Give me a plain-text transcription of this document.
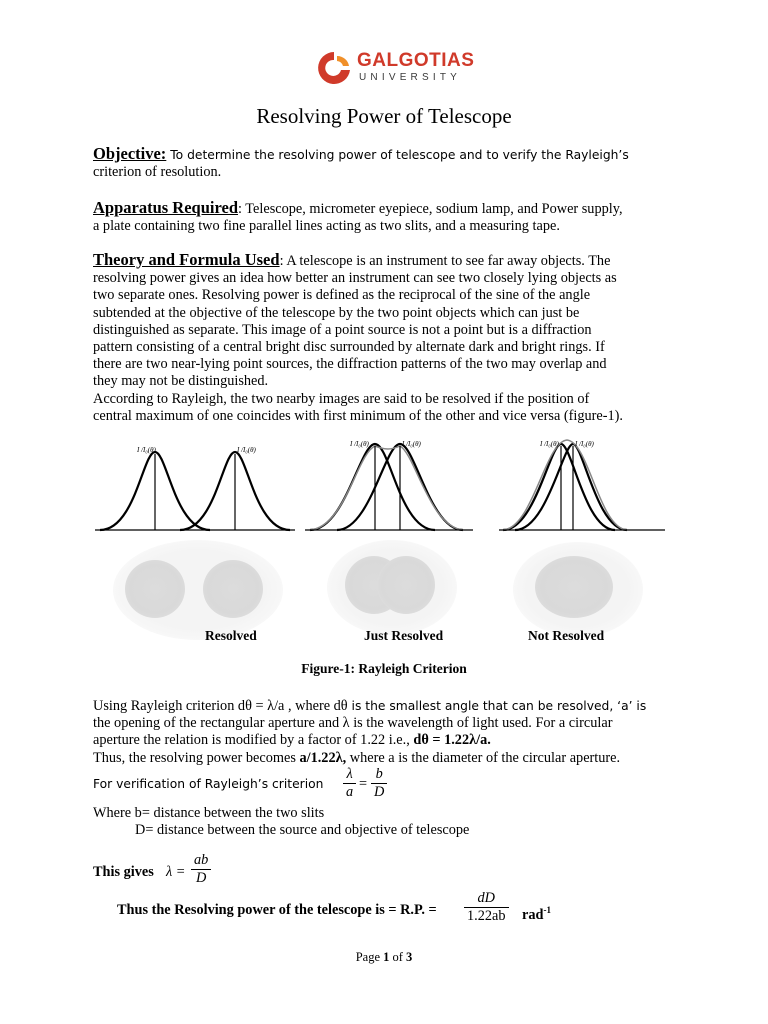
GALGOTIAS
UNIVERSITY
Resolving Power of Telescope
Objective: To determine the resolving power of telescope and to verify the Rayleigh’s
criterion of resolution.
Apparatus Required: Telescope, micrometer eyepiece, sodium lamp, and Power supply,
a plate containing two fine parallel lines acting as two slits, and a measuring tape.
Theory and Formula Used: A telescope is an instrument to see far away objects. The
resolving power gives an idea how better an instrument can see two closely lying objects as
two separate ones. Resolving power is defined as the reciprocal of the sine of the angle
subtended at the objective of the telescope by the two point objects which can just be
distinguished as separate. This image of a point source is not a point but is a diffraction
pattern consisting of a central bright disc surrounded by alternate dark and bright rings. If
there are two near-lying point sources, the diffraction patterns of the two may overlap and
they may not be distinguished.
According to Rayleigh, the two nearby images are said to be resolved if the position of
central maximum of one coincides with first minimum of the other and vice versa (figure-1).
I /I₀(θ)	I /I₀(θ)
I /I₀(θ)	I /I₀(θ)	I /I₀(θ) I /I₀(θ)
Resolved	Just Resolved	Not Resolved
Figure-1: Rayleigh Criterion
Using Rayleigh criterion dθ = λ/a , where dθ is the smallest angle that can be resolved, ‘a’ is
the opening of the rectangular aperture and λ is the wavelength of light used. For a circular
aperture the relation is modified by a factor of 1.22 i.e., dθ = 1.22λ/a.
Thus, the resolving power becomes a/1.22λ, where a is the diameter of the circular aperture.
For verification of Rayleigh’s criterion $\frac{\lambda}{a} = \frac{b}{D}$
Where b= distance between the two slits
D= distance between the source and objective of telescope
This gives $\lambda = \frac{ab}{D}$
Thus the Resolving power of the telescope is = R.P. = $\frac{dD}{1.22ab} rad^{-1}$
Page 1 of 3
